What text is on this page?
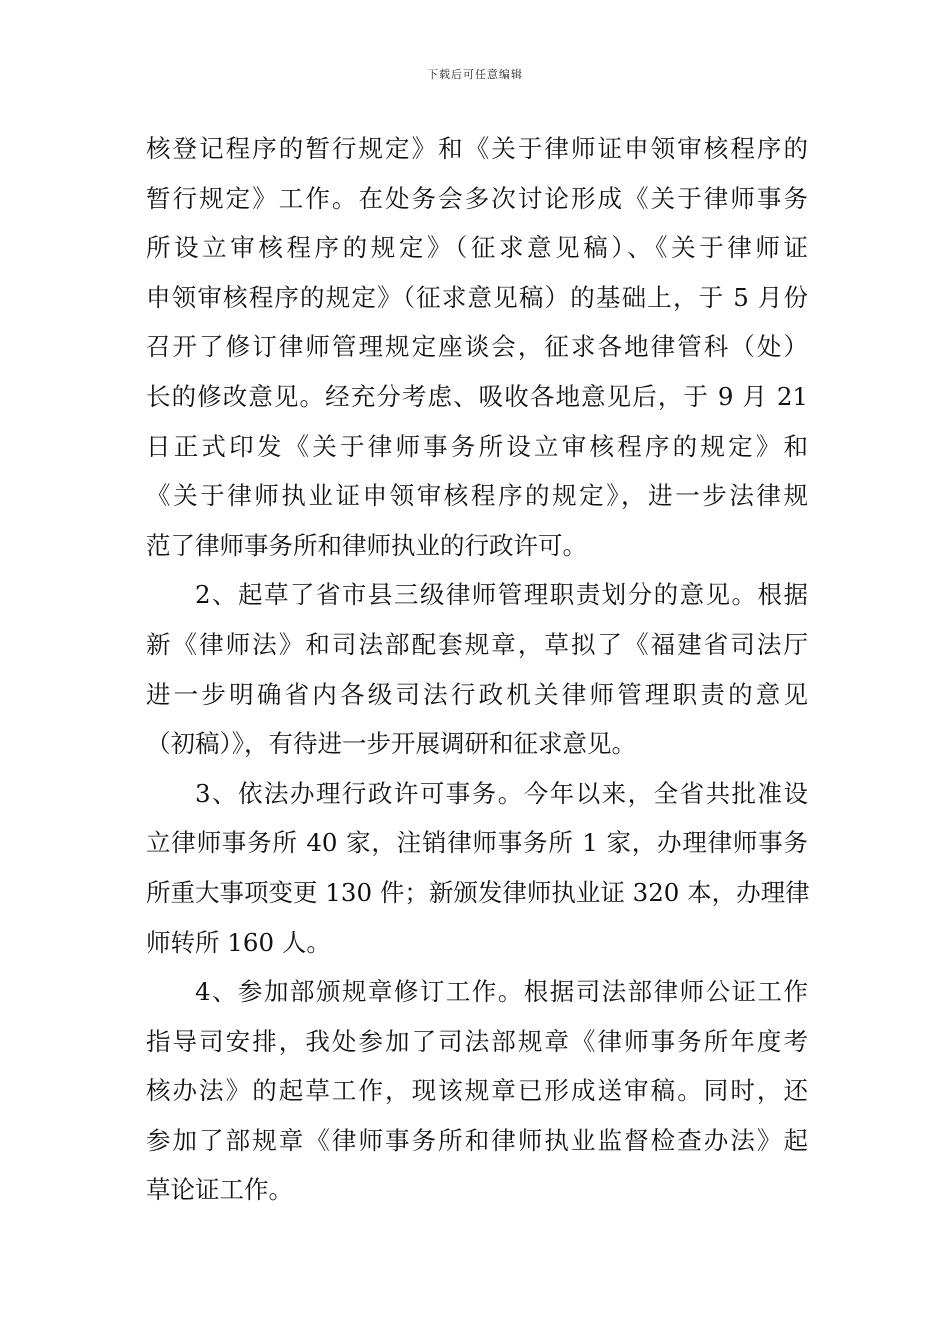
下载后可任意编辑
核登记程序的暂行规定》和《关于律师证申领审核程序的
暂行规定》工作。在处务会多次讨论形成《关于律师事务
所设立审核程序的规定》（征求意见稿）、《关于律师证
申领审核程序的规定》（征求意见稿）的基础上，于 5 月份
召开了修订律师管理规定座谈会，征求各地律管科（处）
长的修改意见。经充分考虑、吸收各地意见后，于 9 月 21
日正式印发《关于律师事务所设立审核程序的规定》和
《关于律师执业证申领审核程序的规定》，进一步法律规
范了律师事务所和律师执业的行政许可。
2、起草了省市县三级律师管理职责划分的意见。根据
新《律师法》和司法部配套规章，草拟了《福建省司法厅
进一步明确省内各级司法行政机关律师管理职责的意见
（初稿）》，有待进一步开展调研和征求意见。
3、依法办理行政许可事务。今年以来，全省共批准设
立律师事务所 40 家，注销律师事务所 1 家，办理律师事务
所重大事项变更 130 件；新颁发律师执业证 320 本，办理律
师转所 160 人。
4、参加部颁规章修订工作。根据司法部律师公证工作
指导司安排，我处参加了司法部规章《律师事务所年度考
核办法》的起草工作，现该规章已形成送审稿。同时，还
参加了部规章《律师事务所和律师执业监督检查办法》起
草论证工作。
